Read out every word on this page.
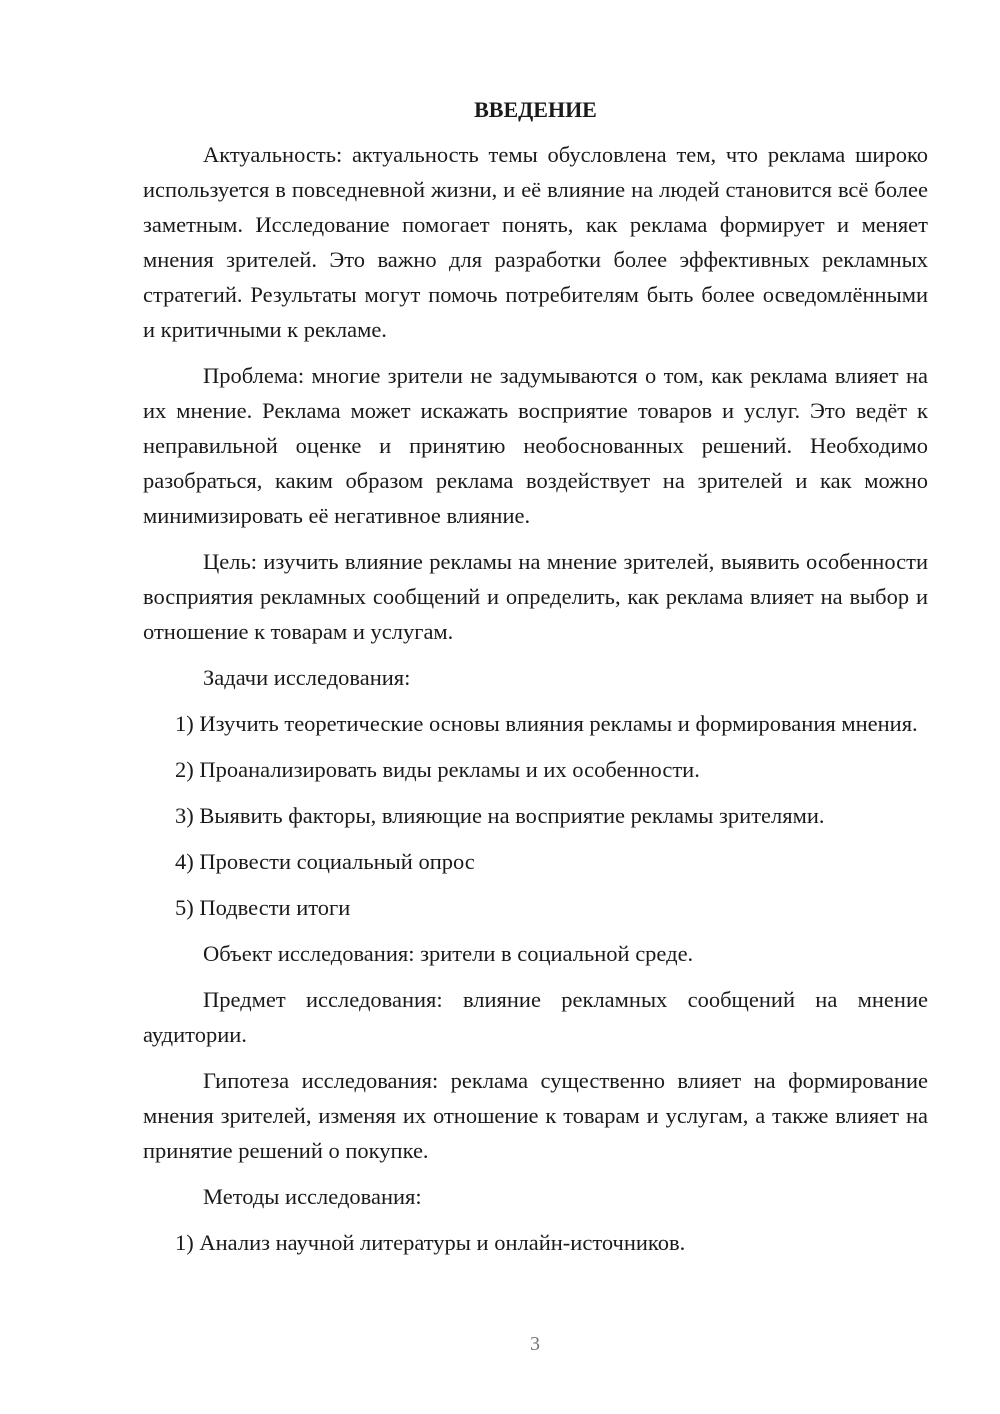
ВВЕДЕНИЕ

Актуальность: актуальность темы обусловлена тем, что реклама широко используется в повседневной жизни, и её влияние на людей становится всё более заметным. Исследование помогает понять, как реклама формирует и меняет мнения зрителей. Это важно для разработки более эффективных рекламных стратегий. Результаты могут помочь потребителям быть более осведомлёнными и критичными к рекламе.

Проблема: многие зрители не задумываются о том, как реклама влияет на их мнение. Реклама может искажать восприятие товаров и услуг. Это ведёт к неправильной оценке и принятию необоснованных решений. Необходимо разобраться, каким образом реклама воздействует на зрителей и как можно минимизировать её негативное влияние.

Цель: изучить влияние рекламы на мнение зрителей, выявить особенности восприятия рекламных сообщений и определить, как реклама влияет на выбор и отношение к товарам и услугам.

Задачи исследования:

1) Изучить теоретические основы влияния рекламы и формирования мнения.

2) Проанализировать виды рекламы и их особенности.

3) Выявить факторы, влияющие на восприятие рекламы зрителями.

4) Провести социальный опрос

5) Подвести итоги

Объект исследования: зрители в социальной среде.

Предмет исследования: влияние рекламных сообщений на мнение аудитории.

Гипотеза исследования: реклама существенно влияет на формирование мнения зрителей, изменяя их отношение к товарам и услугам, а также влияет на принятие решений о покупке.

Методы исследования:

1) Анализ научной литературы и онлайн-источников.

3
